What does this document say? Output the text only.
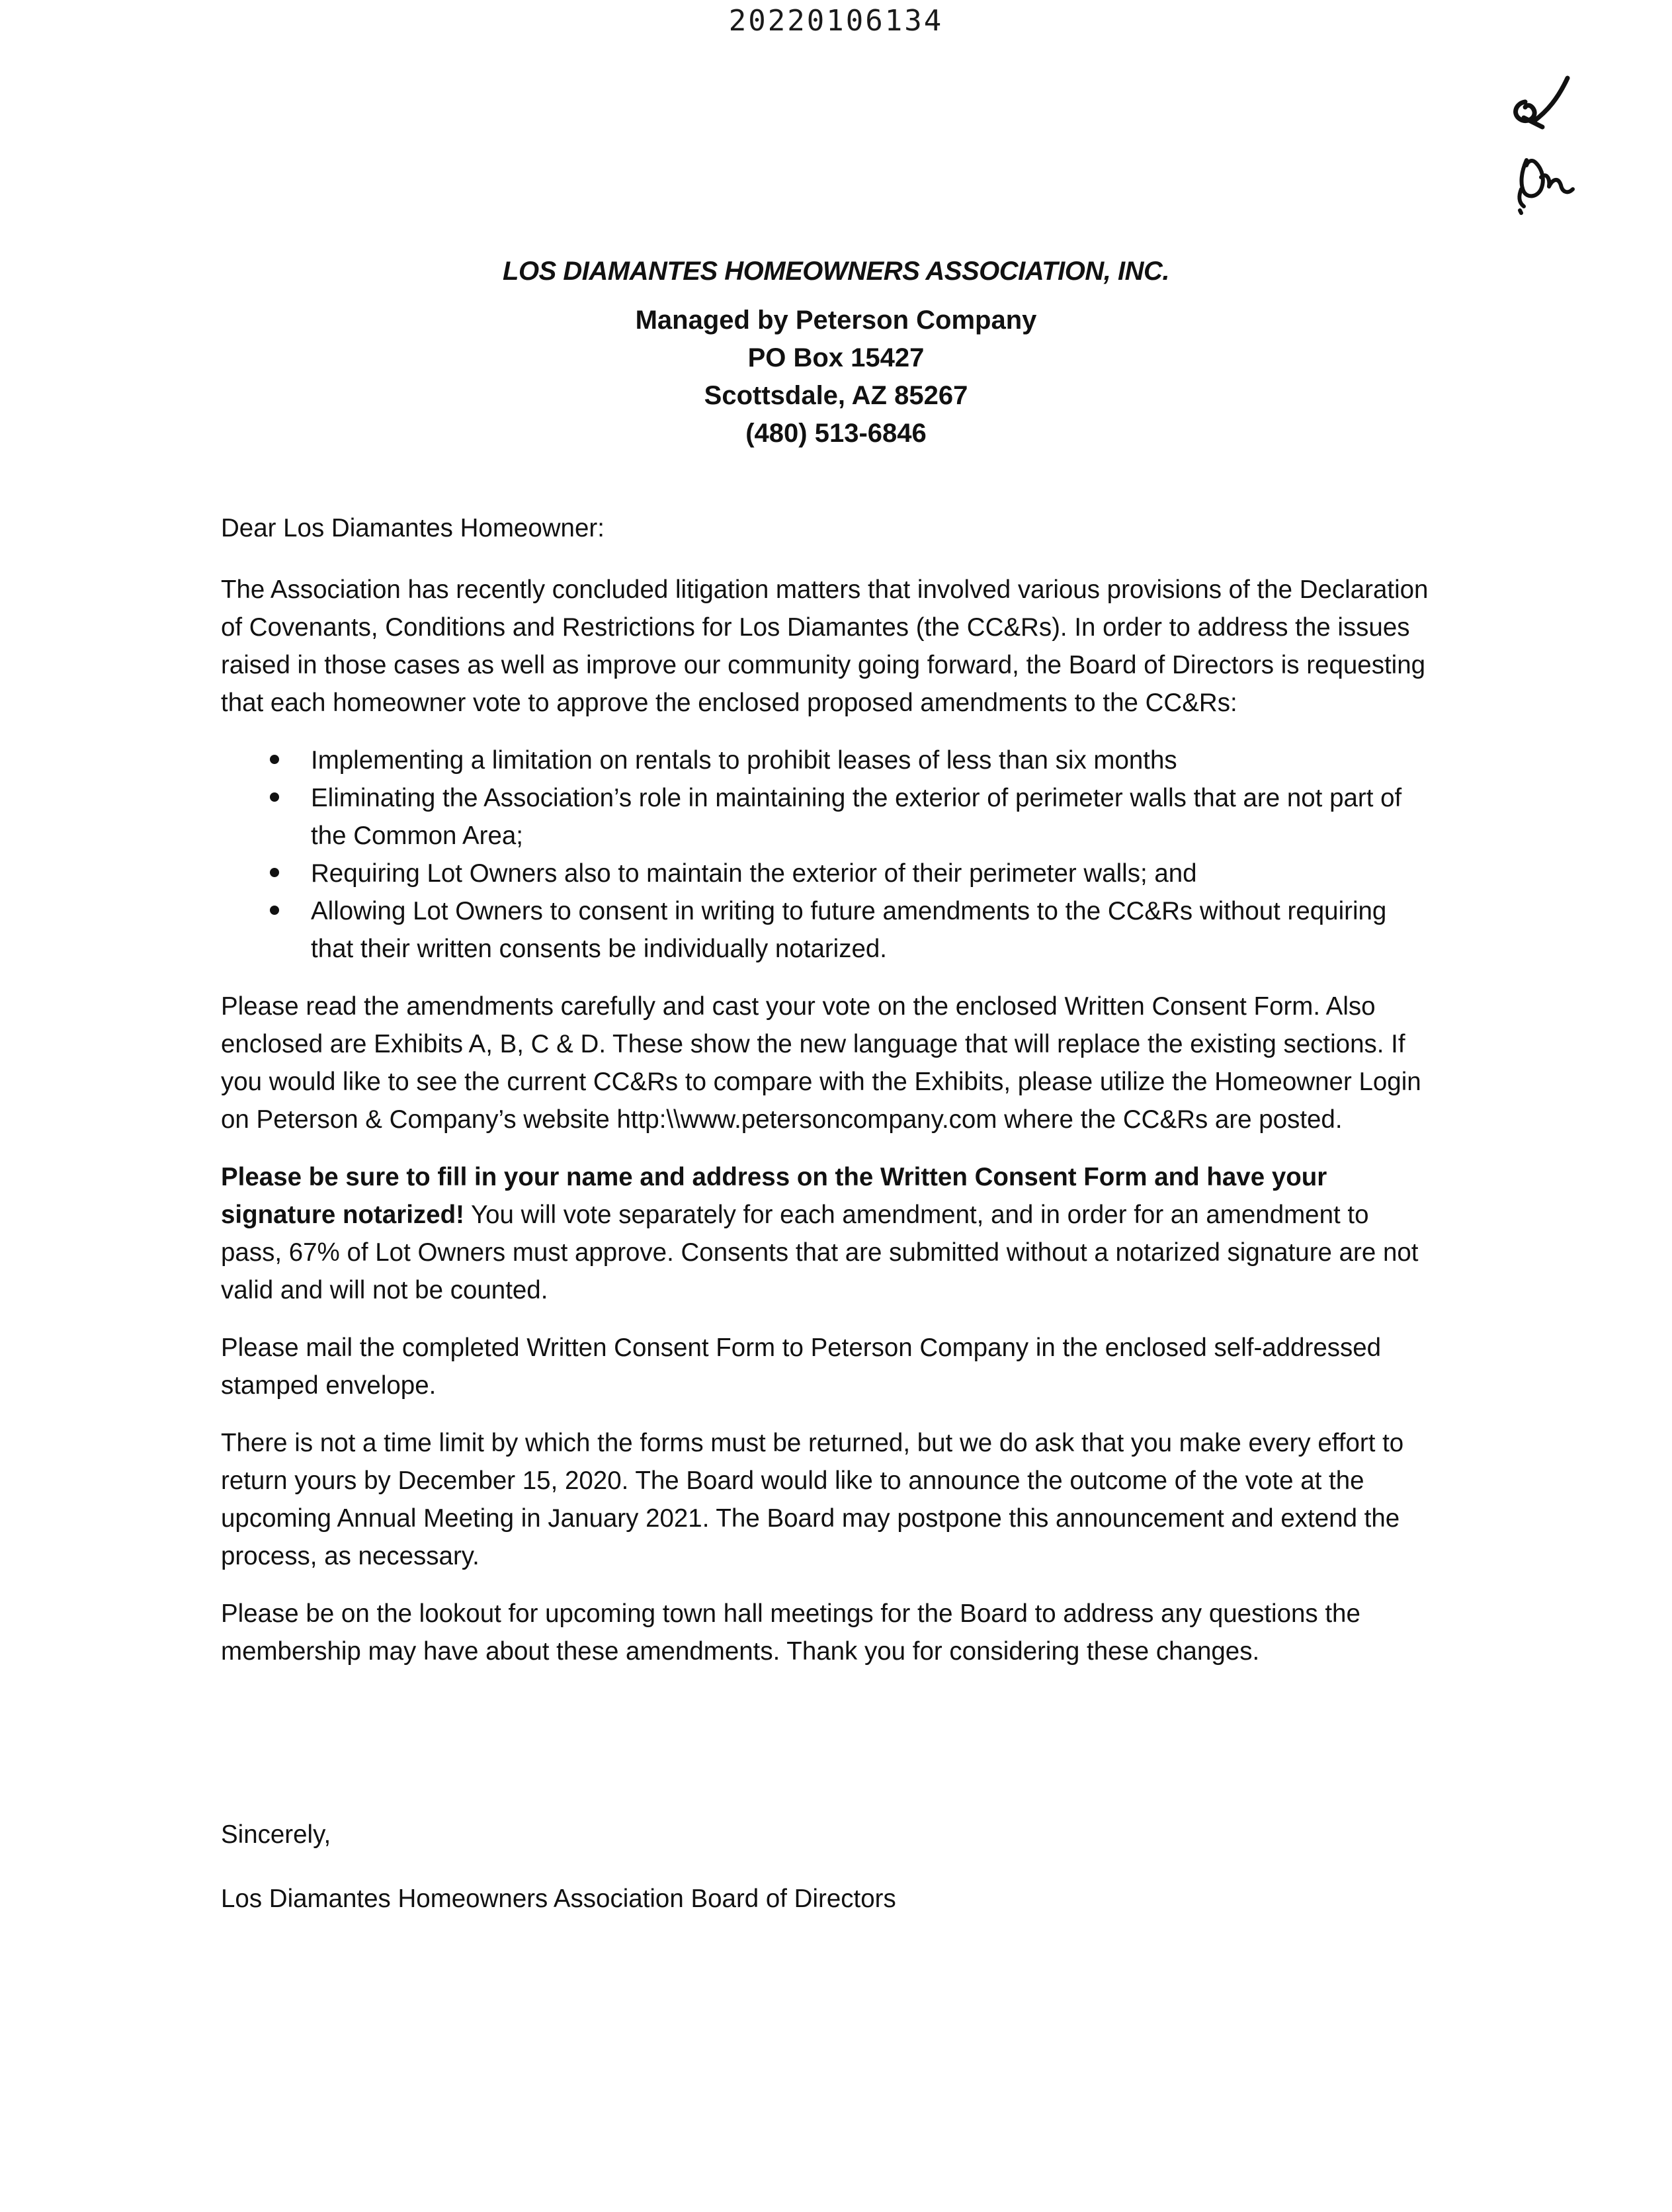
20220106134
LOS DIAMANTES HOMEOWNERS ASSOCIATION, INC.
Managed by Peterson Company
PO Box 15427
Scottsdale, AZ 85267
(480) 513-6846

Dear Los Diamantes Homeowner:

The Association has recently concluded litigation matters that involved various provisions of the Declaration of Covenants, Conditions and Restrictions for Los Diamantes (the CC&Rs). In order to address the issues raised in those cases as well as improve our community going forward, the Board of Directors is requesting that each homeowner vote to approve the enclosed proposed amendments to the CC&Rs:

Implementing a limitation on rentals to prohibit leases of less than six months
Eliminating the Association’s role in maintaining the exterior of perimeter walls that are not part of the Common Area;
Requiring Lot Owners also to maintain the exterior of their perimeter walls; and
Allowing Lot Owners to consent in writing to future amendments to the CC&Rs without requiring that their written consents be individually notarized.

Please read the amendments carefully and cast your vote on the enclosed Written Consent Form. Also enclosed are Exhibits A, B, C & D. These show the new language that will replace the existing sections. If you would like to see the current CC&Rs to compare with the Exhibits, please utilize the Homeowner Login on Peterson & Company’s website http:\\www.petersoncompany.com where the CC&Rs are posted.

Please be sure to fill in your name and address on the Written Consent Form and have your signature notarized! You will vote separately for each amendment, and in order for an amendment to pass, 67% of Lot Owners must approve. Consents that are submitted without a notarized signature are not valid and will not be counted.

Please mail the completed Written Consent Form to Peterson Company in the enclosed self-addressed stamped envelope.

There is not a time limit by which the forms must be returned, but we do ask that you make every effort to return yours by December 15, 2020. The Board would like to announce the outcome of the vote at the upcoming Annual Meeting in January 2021. The Board may postpone this announcement and extend the process, as necessary.

Please be on the lookout for upcoming town hall meetings for the Board to address any questions the membership may have about these amendments. Thank you for considering these changes.

Sincerely,

Los Diamantes Homeowners Association Board of Directors
